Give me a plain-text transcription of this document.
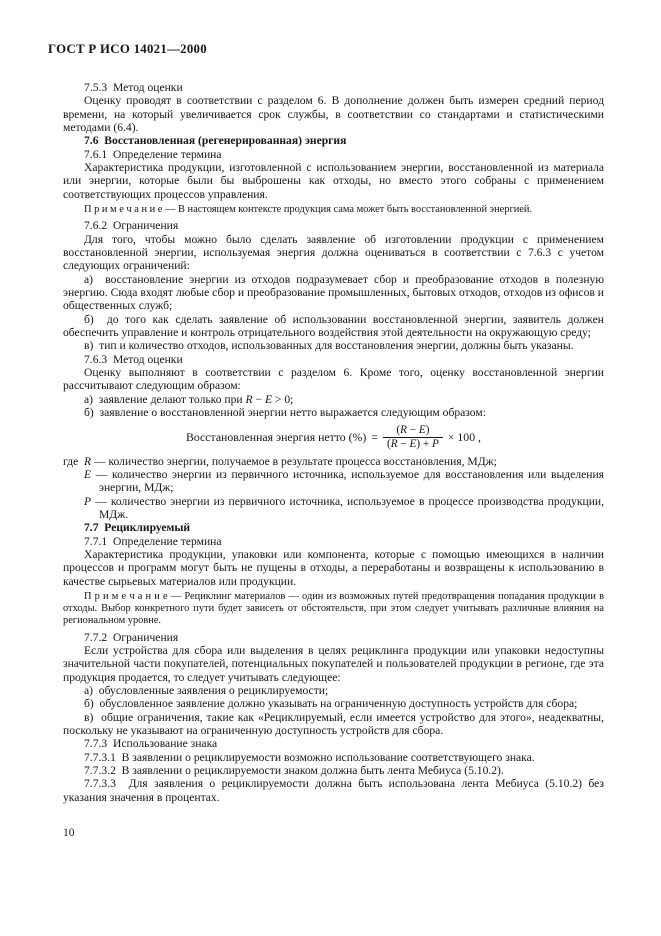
ГОСТ Р ИСО 14021—2000

7.5.3  Метод оценки

Оценку проводят в соответствии с разделом 6. В дополнение должен быть измерен средний период времени, на который увеличивается срок службы, в соответствии со стандартами и статистическими методами (6.4).

7.6  Восстановленная (регенерированная) энергия

7.6.1  Определение термина

Характеристика продукции, изготовленной с использованием энергии, восстановленной из материала или энергии, которые были бы выброшены как отходы, но вместо этого собраны с применением соответствующих процессов управления.

П р и м е ч а н и е — В настоящем контексте продукция сама может быть восстановленной энергией.

7.6.2  Ограничения

Для того, чтобы можно было сделать заявление об изготовлении продукции с применением восстановленной энергии, используемая энергия должна оцениваться в соответствии с 7.6.3 с учетом следующих ограничений:

а)  восстановление энергии из отходов подразумевает сбор и преобразование отходов в полезную энергию. Сюда входят любые сбор и преобразование промышленных, бытовых отходов, отходов из офисов и общественных служб;

б)  до того как сделать заявление об использовании восстановленной энергии, заявитель должен обеспечить управление и контроль отрицательного воздействия этой деятельности на окружающую среду;

в)  тип и количество отходов, использованных для восстановления энергии, должны быть указаны.

7.6.3  Метод оценки

Оценку выполняют в соответствии с разделом 6. Кроме того, оценку восстановленной энергии рассчитывают следующим образом:

а)  заявление делают только при R − E > 0;

б)  заявление о восстановленной энергии нетто выражается следующим образом:

Восстановленная энергия нетто (%) = $\frac{(R - E)}{(R - E) + P} \times 100$ ,

где R — количество энергии, получаемое в результате процесса восстановления, МДж;

E — количество энергии из первичного источника, используемое для восстановления или выделения энергии, МДж;

P — количество энергии из первичного источника, используемое в процессе производства продукции, МДж.

7.7  Рециклируемый

7.7.1  Определение термина

Характеристика продукции, упаковки или компонента, которые с помощью имеющихся в наличии процессов и программ могут быть не пущены в отходы, а переработаны и возвращены к использованию в качестве сырьевых материалов или продукции.

П р и м е ч а н и е — Рециклинг материалов — один из возможных путей предотвращения попадания продукции в отходы. Выбор конкретного пути будет зависеть от обстоятельств, при этом следует учитывать различные влияния на региональном уровне.

7.7.2  Ограничения

Если устройства для сбора или выделения в целях рециклинга продукции или упаковки недоступны значительной части покупателей, потенциальных покупателей и пользователей продукции в регионе, где эта продукция продается, то следует учитывать следующее:

а)  обусловленные заявления о рециклируемости;

б)  обусловленное заявление должно указывать на ограниченную доступность устройств для сбора;

в)  общие ограничения, такие как «Рециклируемый, если имеется устройство для этого», неадекватны, поскольку не указывают на ограниченную доступность устройств для сбора.

7.7.3  Использование знака

7.7.3.1  В заявлении о рециклируемости возможно использование соответствующего знака.

7.7.3.2  В заявлении о рециклируемости знаком должна быть лента Мебиуса (5.10.2).

7.7.3.3  Для заявления о рециклируемости должна быть использована лента Мебиуса (5.10.2) без указания значения в процентах.

10
